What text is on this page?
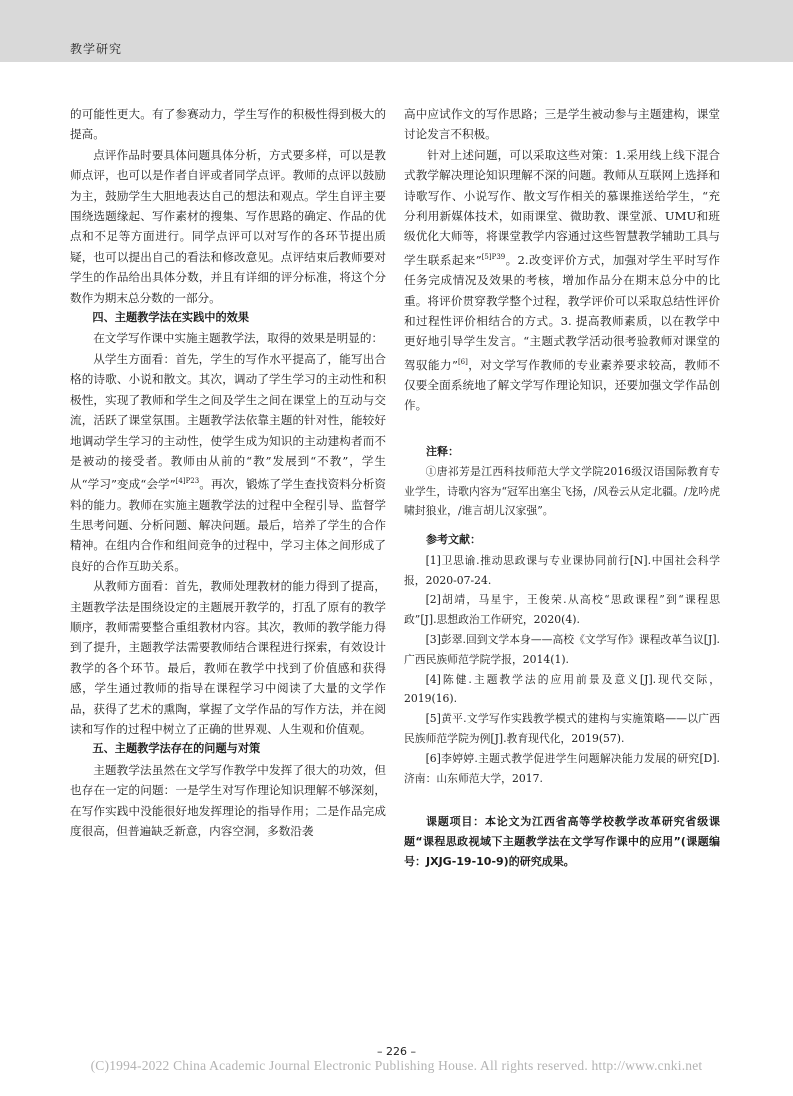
教学研究

的可能性更大。有了参赛动力，学生写作的积极性得到极大的提高。

点评作品时要具体问题具体分析，方式要多样，可以是教师点评，也可以是作者自评或者同学点评。教师的点评以鼓励为主，鼓励学生大胆地表达自己的想法和观点。学生自评主要围绕选题缘起、写作素材的搜集、写作思路的确定、作品的优点和不足等方面进行。同学点评可以对写作的各环节提出质疑，也可以提出自己的看法和修改意见。点评结束后教师要对学生的作品给出具体分数，并且有详细的评分标准，将这个分数作为期末总分数的一部分。

四、主题教学法在实践中的效果

在文学写作课中实施主题教学法，取得的效果是明显的：

从学生方面看：首先，学生的写作水平提高了，能写出合格的诗歌、小说和散文。其次，调动了学生学习的主动性和积极性，实现了教师和学生之间及学生之间在课堂上的互动与交流，活跃了课堂氛围。主题教学法依靠主题的针对性，能较好地调动学生学习的主动性，使学生成为知识的主动建构者而不是被动的接受者。教师由从前的“教”发展到“不教”，学生从“学习”变成“会学”$^{[4]P23}$。再次，锻炼了学生查找资料分析资料的能力。教师在实施主题教学法的过程中全程引导、监督学生思考问题、分析问题、解决问题。最后，培养了学生的合作精神。在组内合作和组间竞争的过程中，学习主体之间形成了良好的合作互助关系。

从教师方面看：首先，教师处理教材的能力得到了提高，主题教学法是围绕设定的主题展开教学的，打乱了原有的教学顺序，教师需要整合重组教材内容。其次，教师的教学能力得到了提升，主题教学法需要教师结合课程进行探索，有效设计教学的各个环节。最后，教师在教学中找到了价值感和获得感，学生通过教师的指导在课程学习中阅读了大量的文学作品，获得了艺术的熏陶，掌握了文学作品的写作方法，并在阅读和写作的过程中树立了正确的世界观、人生观和价值观。

五、主题教学法存在的问题与对策

主题教学法虽然在文学写作教学中发挥了很大的功效，但也存在一定的问题：一是学生对写作理论知识理解不够深刻，在写作实践中没能很好地发挥理论的指导作用；二是作品完成度很高，但普遍缺乏新意，内容空洞，多数沿袭

高中应试作文的写作思路；三是学生被动参与主题建构，课堂讨论发言不积极。

针对上述问题，可以采取这些对策：1.采用线上线下混合式教学解决理论知识理解不深的问题。教师从互联网上选择和诗歌写作、小说写作、散文写作相关的慕课推送给学生，“充分利用新媒体技术，如雨课堂、微助教、课堂派、UMU和班级优化大师等，将课堂教学内容通过这些智慧教学辅助工具与学生联系起来”$^{[5]P39}$。2.改变评价方式，加强对学生平时写作任务完成情况及效果的考核，增加作品分在期末总分中的比重。将评价贯穿教学整个过程，教学评价可以采取总结性评价和过程性评价相结合的方式。3. 提高教师素质，以在教学中更好地引导学生发言。“主题式教学活动很考验教师对课堂的驾驭能力”[6]，对文学写作教师的专业素养要求较高，教师不仅要全面系统地了解文学写作理论知识，还要加强文学作品创作。

注释：

①唐祁芳是江西科技师范大学文学院2016级汉语国际教育专业学生，诗歌内容为“冠军出塞尘飞扬，/风卷云从定北疆。/龙吟虎啸封狼业，/谁言胡儿汉家强”。

参考文献：

[1]卫思谕.推动思政课与专业课协同前行[N].中国社会科学报，2020-07-24.

[2]胡靖，马星宇，王俊荣.从高校“思政课程”到“课程思政”[J].思想政治工作研究，2020(4).

[3]彭翠.回到文学本身——高校《文学写作》课程改革刍议[J].广西民族师范学院学报，2014(1).

[4]陈健.主题教学法的应用前景及意义[J].现代交际，2019(16).

[5]黄平.文学写作实践教学模式的建构与实施策略——以广西民族师范学院为例[J].教育现代化，2019(57).

[6]李婷婷.主题式教学促进学生问题解决能力发展的研究[D].济南：山东师范大学，2017.

课题项目：本论文为江西省高等学校教学改革研究省级课题“课程思政视域下主题教学法在文学写作课中的应用”(课题编号：JXJG-19-10-9)的研究成果。

– 226 –
(C)1994-2022 China Academic Journal Electronic Publishing House. All rights reserved. http://www.cnki.net
